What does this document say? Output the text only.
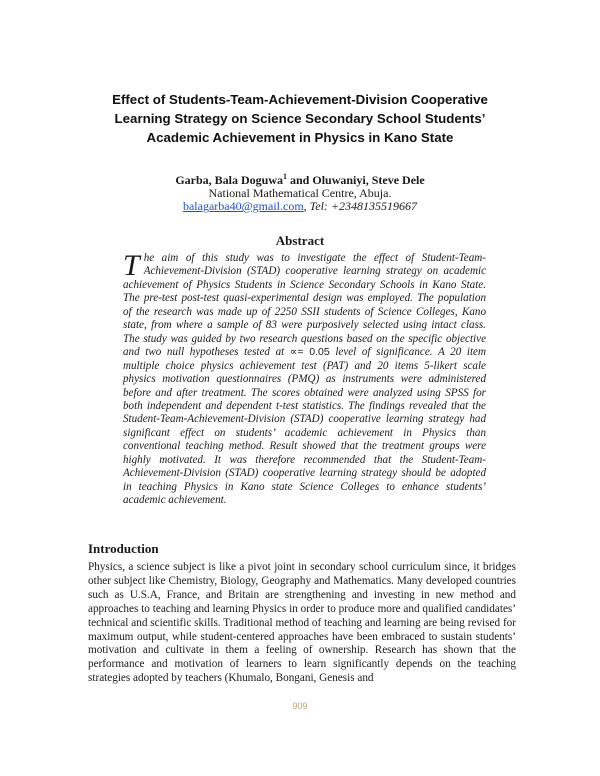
Effect of Students-Team-Achievement-Division Cooperative
Learning Strategy on Science Secondary School Students’
Academic Achievement in Physics in Kano State
Garba, Bala Doguwa$^1$ and Oluwaniyi, Steve Dele
National Mathematical Centre, Abuja.
balagarba40@gmail.com, Tel: +2348135519667
Abstract
The aim of this study was to investigate the effect of Student-Team-Achievement-Division (STAD) cooperative learning strategy on academic achievement of Physics Students in Science Secondary Schools in Kano State. The pre-test post-test quasi-experimental design was employed. The population of the research was made up of 2250 SSII students of Science Colleges, Kano state, from where a sample of 83 were purposively selected using intact class. The study was guided by two research questions based on the specific objective and two null hypotheses tested at ∝= 0.05 level of significance. A 20 item multiple choice physics achievement test (PAT) and 20 items 5-likert scale physics motivation questionnaires (PMQ) as instruments were administered before and after treatment. The scores obtained were analyzed using SPSS for both independent and dependent t-test statistics. The findings revealed that the Student-Team-Achievement-Division (STAD) cooperative learning strategy had significant effect on students’ academic achievement in Physics than conventional teaching method. Result showed that the treatment groups were highly motivated. It was therefore recommended that the Student-Team-Achievement-Division (STAD) cooperative learning strategy should be adopted in teaching Physics in Kano state Science Colleges to enhance students’ academic achievement.
Introduction
Physics, a science subject is like a pivot joint in secondary school curriculum since, it bridges other subject like Chemistry, Biology, Geography and Mathematics. Many developed countries such as U.S.A, France, and Britain are strengthening and investing in new method and approaches to teaching and learning Physics in order to produce more and qualified candidates’ technical and scientific skills. Traditional method of teaching and learning are being revised for maximum output, while student-centered approaches have been embraced to sustain students’ motivation and cultivate in them a feeling of ownership. Research has shown that the performance and motivation of learners to learn significantly depends on the teaching strategies adopted by teachers (Khumalo, Bongani, Genesis and
909
